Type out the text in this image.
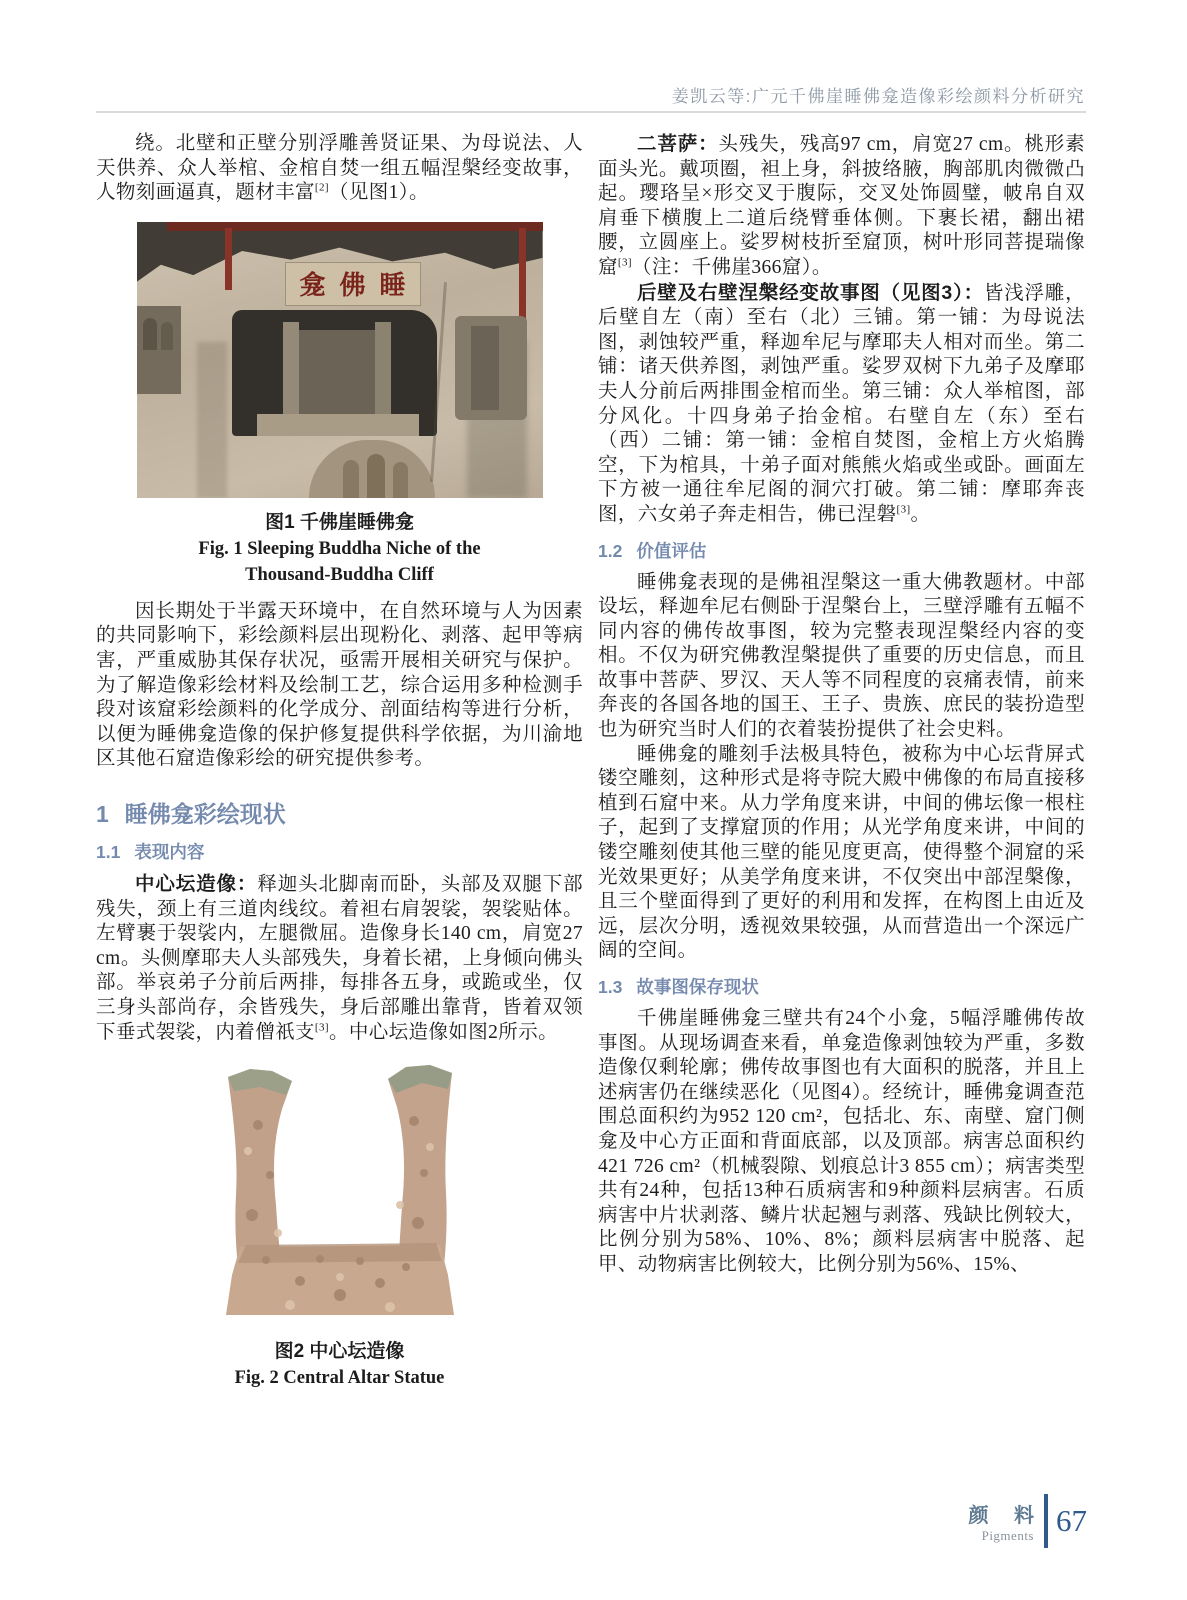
姜凯云等:广元千佛崖睡佛龛造像彩绘颜料分析研究

绕。北壁和正壁分别浮雕善贤证果、为母说法、人天供养、众人举棺、金棺自焚一组五幅涅槃经变故事，人物刻画逼真，题材丰富[2]（见图1）。

龛佛睡
图1 千佛崖睡佛龛
Fig. 1 Sleeping Buddha Niche of the
Thousand-Buddha Cliff

因长期处于半露天环境中，在自然环境与人为因素的共同影响下，彩绘颜料层出现粉化、剥落、起甲等病害，严重威胁其保存状况，亟需开展相关研究与保护。为了解造像彩绘材料及绘制工艺，综合运用多种检测手段对该窟彩绘颜料的化学成分、剖面结构等进行分析，以便为睡佛龛造像的保护修复提供科学依据，为川渝地区其他石窟造像彩绘的研究提供参考。

1 睡佛龛彩绘现状
1.1 表现内容

中心坛造像：释迦头北脚南而卧，头部及双腿下部残失，颈上有三道肉线纹。着袒右肩袈裟，袈裟贴体。左臂裹于袈裟内，左腿微屈。造像身长140 cm，肩宽27 cm。头侧摩耶夫人头部残失，身着长裙，上身倾向佛头部。举哀弟子分前后两排，每排各五身，或跪或坐，仅三身头部尚存，余皆残失，身后部雕出靠背，皆着双领下垂式袈裟，内着僧祇支[3]。中心坛造像如图2所示。

图2 中心坛造像
Fig. 2 Central Altar Statue

二菩萨：头残失，残高97 cm，肩宽27 cm。桃形素面头光。戴项圈，袒上身，斜披络腋，胸部肌肉微微凸起。璎珞呈×形交叉于腹际，交叉处饰圆璧，帔帛自双肩垂下横腹上二道后绕臂垂体侧。下裹长裙，翻出裙腰，立圆座上。娑罗树枝折至窟顶，树叶形同菩提瑞像窟[3]（注：千佛崖366窟）。

后壁及右壁涅槃经变故事图（见图3）：皆浅浮雕，后壁自左（南）至右（北）三铺。第一铺：为母说法图，剥蚀较严重，释迦牟尼与摩耶夫人相对而坐。第二铺：诸天供养图，剥蚀严重。娑罗双树下九弟子及摩耶夫人分前后两排围金棺而坐。第三铺：众人举棺图，部分风化。十四身弟子抬金棺。右壁自左（东）至右（西）二铺：第一铺：金棺自焚图，金棺上方火焰腾空，下为棺具，十弟子面对熊熊火焰或坐或卧。画面左下方被一通往牟尼阁的洞穴打破。第二铺：摩耶奔丧图，六女弟子奔走相告，佛已涅磐[3]。

1.2 价值评估

睡佛龛表现的是佛祖涅槃这一重大佛教题材。中部设坛，释迦牟尼右侧卧于涅槃台上，三壁浮雕有五幅不同内容的佛传故事图，较为完整表现涅槃经内容的变相。不仅为研究佛教涅槃提供了重要的历史信息，而且故事中菩萨、罗汉、天人等不同程度的哀痛表情，前来奔丧的各国各地的国王、王子、贵族、庶民的装扮造型也为研究当时人们的衣着装扮提供了社会史料。

睡佛龛的雕刻手法极具特色，被称为中心坛背屏式镂空雕刻，这种形式是将寺院大殿中佛像的布局直接移植到石窟中来。从力学角度来讲，中间的佛坛像一根柱子，起到了支撑窟顶的作用；从光学角度来讲，中间的镂空雕刻使其他三壁的能见度更高，使得整个洞窟的采光效果更好；从美学角度来讲，不仅突出中部涅槃像，且三个壁面得到了更好的利用和发挥，在构图上由近及远，层次分明，透视效果较强，从而营造出一个深远广阔的空间。

1.3 故事图保存现状

千佛崖睡佛龛三壁共有24个小龛，5幅浮雕佛传故事图。从现场调查来看，单龛造像剥蚀较为严重，多数造像仅剩轮廓；佛传故事图也有大面积的脱落，并且上述病害仍在继续恶化（见图4）。经统计，睡佛龛调查范围总面积约为952 120 cm²，包括北、东、南壁、窟门侧龛及中心方正面和背面底部，以及顶部。病害总面积约421 726 cm²（机械裂隙、划痕总计3 855 cm）；病害类型共有24种，包括13种石质病害和9种颜料层病害。石质病害中片状剥落、鳞片状起翘与剥落、残缺比例较大，比例分别为58%、10%、8%；颜料层病害中脱落、起甲、动物病害比例较大，比例分别为56%、15%、

颜 料
Pigments 67
